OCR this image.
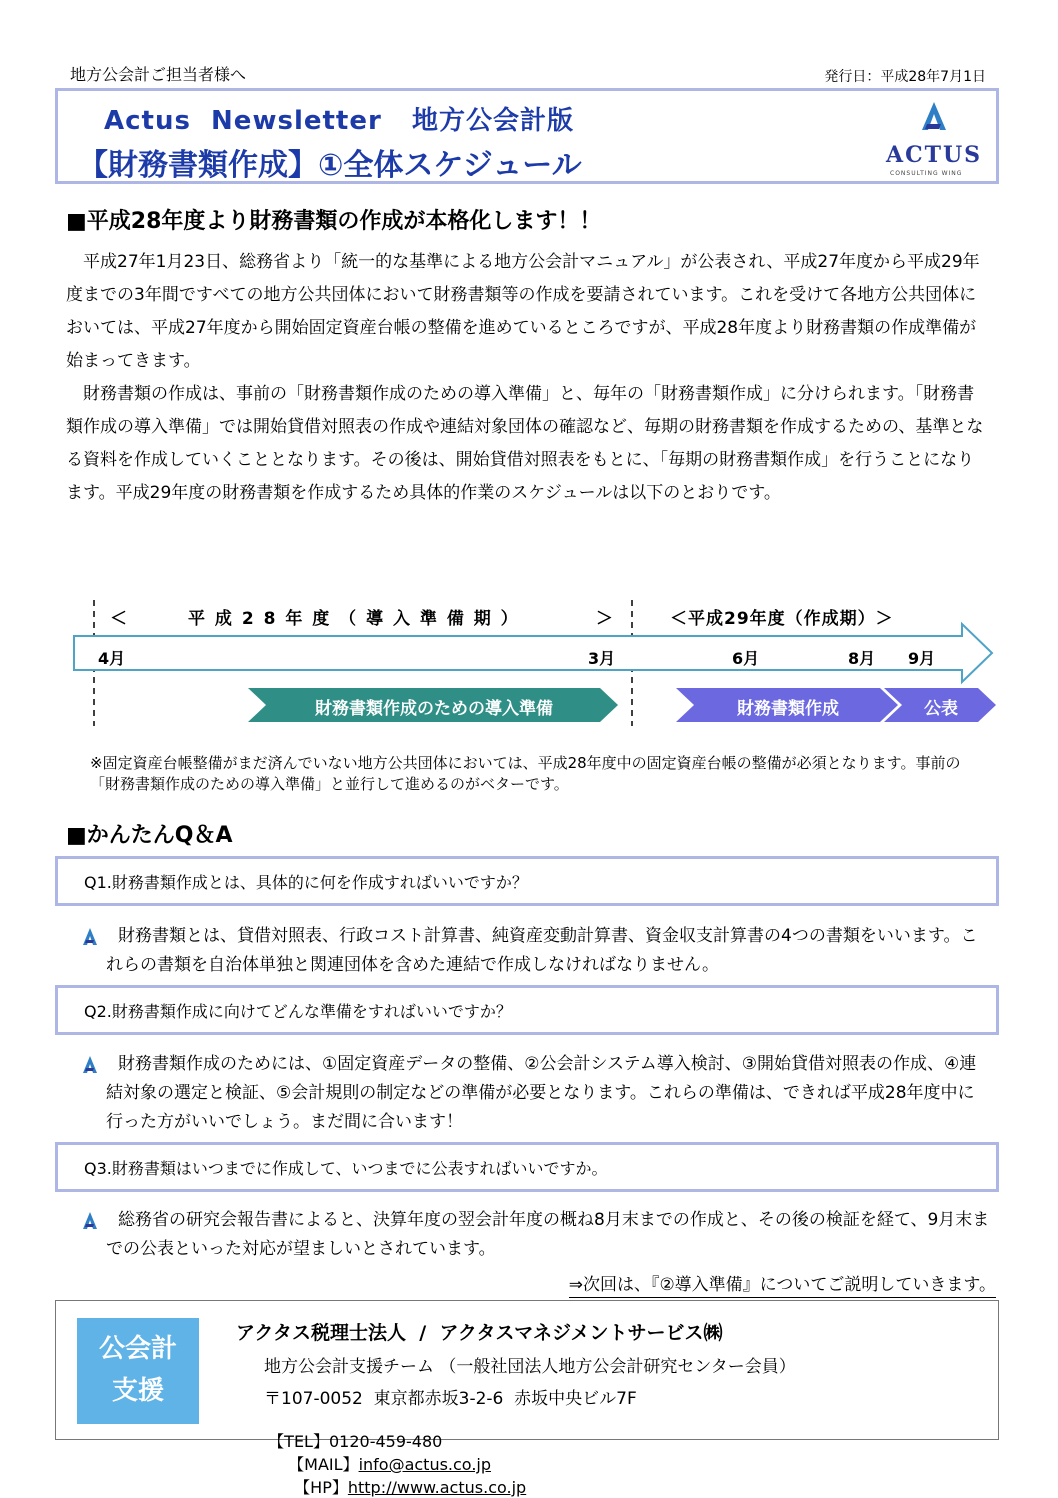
地方公会計ご担当者様へ	発行日：平成28年7月1日
Actus  Newsletter   地方公会計版
【財務書類作成】①全体スケジュール	ACTUS
CONSULTING WING
■平成28年度より財務書類の作成が本格化します！！

平成27年1月23日、総務省より「統一的な基準による地方公会計マニュアル」が公表され、平成27年度から平成29年度までの3年間ですべての地方公共団体において財務書類等の作成を要請されています。これを受けて各地方公共団体においては、平成27年度から開始固定資産台帳の整備を進めているところですが、平成28年度より財務書類の作成準備が始まってきます。

財務書類の作成は、事前の「財務書類作成のための導入準備」と、毎年の「財務書類作成」に分けられます。「財務書類作成の導入準備」では開始貸借対照表の作成や連結対象団体の確認など、毎期の財務書類を作成するための、基準となる資料を作成していくこととなります。その後は、開始貸借対照表をもとに、「毎期の財務書類作成」を行うことになります。平成29年度の財務書類を作成するため具体的作業のスケジュールは以下のとおりです。

＜	平 成 2 8 年 度 （ 導 入 準 備 期 ）	＞	＜平成29年度（作成期）＞
4月	3月	6月	8月 9月
財務書類作成のための導入準備	財務書類作成	公表
※固定資産台帳整備がまだ済んでいない地方公共団体においては、平成28年度中の固定資産台帳の整備が必須となります。事前の「財務書類作成のための導入準備」と並行して進めるのがベターです。
■かんたんQ＆A
Q1.財務書類作成とは、具体的に何を作成すればいいですか？
財務書類とは、貸借対照表、行政コスト計算書、純資産変動計算書、資金収支計算書の4つの書類をいいます。これらの書類を自治体単独と関連団体を含めた連結で作成しなければなりません。
Q2.財務書類作成に向けてどんな準備をすればいいですか？
財務書類作成のためには、①固定資産データの整備、②公会計システム導入検討、③開始貸借対照表の作成、④連結対象の選定と検証、⑤会計規則の制定などの準備が必要となります。これらの準備は、できれば平成28年度中に行った方がいいでしょう。まだ間に合います！
Q3.財務書類はいつまでに作成して、いつまでに公表すればいいですか。
総務省の研究会報告書によると、決算年度の翌会計年度の概ね8月末までの作成と、その後の検証を経て、9月末までの公表といった対応が望ましいとされています。
⇒次回は、『②導入準備』についてご説明していきます。
公会計
支援
アクタス税理士法人  /  アクタスマネジメントサービス㈱
地方公会計支援チーム （一般社団法人地方公会計研究センター会員）
〒107-0052  東京都赤坂3-2-6  赤坂中央ビル7F

【TEL】0120-459-480
【MAIL】info@actus.co.jp
【HP】http://www.actus.co.jp
